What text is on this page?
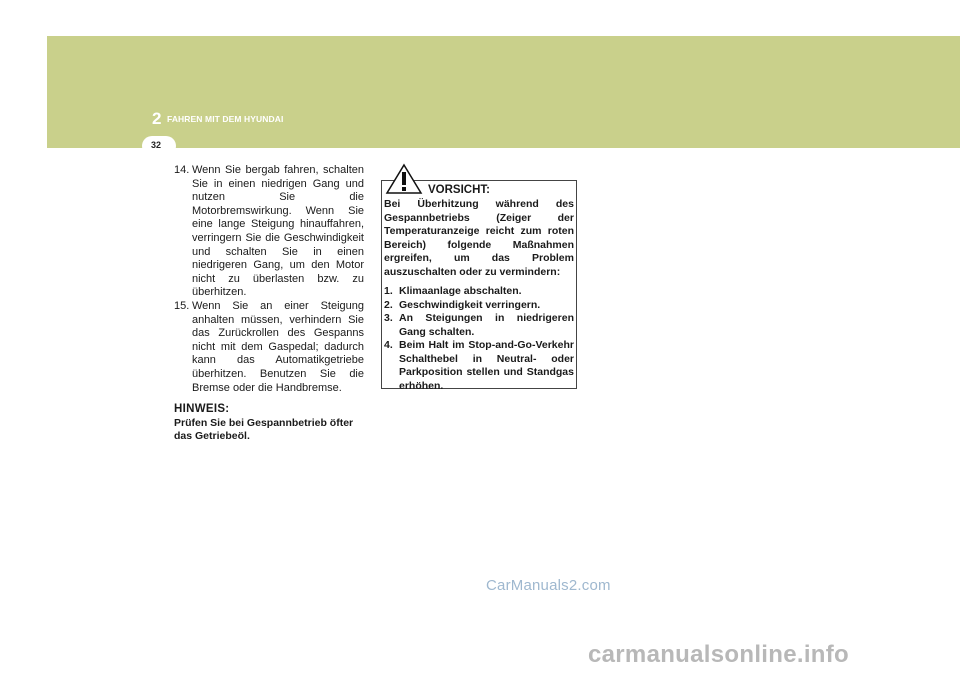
2 FAHREN MIT DEM HYUNDAI
32
14. Wenn Sie bergab fahren, schalten Sie in einen niedrigen Gang und nutzen Sie die Motorbremswirkung. Wenn Sie eine lange Steigung hinauffahren, verringern Sie die Geschwindigkeit und schalten Sie in einen niedrigeren Gang, um den Motor nicht zu überlasten bzw. zu überhitzen.
15. Wenn Sie an einer Steigung anhalten müssen, verhindern Sie das Zurückrollen des Gespanns nicht mit dem Gaspedal; dadurch kann das Automatikgetriebe überhitzen. Benutzen Sie die Bremse oder die Handbremse.
HINWEIS:
Prüfen Sie bei Gespannbetrieb öfter das Getriebeöl.
VORSICHT:
Bei Überhitzung während des Gespannbetriebs (Zeiger der Temperaturanzeige reicht zum roten Bereich) folgende Maßnahmen ergreifen, um das Problem auszuschalten oder zu vermindern:
1. Klimaanlage abschalten.
2. Geschwindigkeit verringern.
3. An Steigungen in niedrigeren Gang schalten.
4. Beim Halt im Stop-and-Go-Verkehr Schalthebel in Neutral- oder Parkposition stellen und Standgas erhöhen.
CarManuals2.com
carmanualsonline.info
